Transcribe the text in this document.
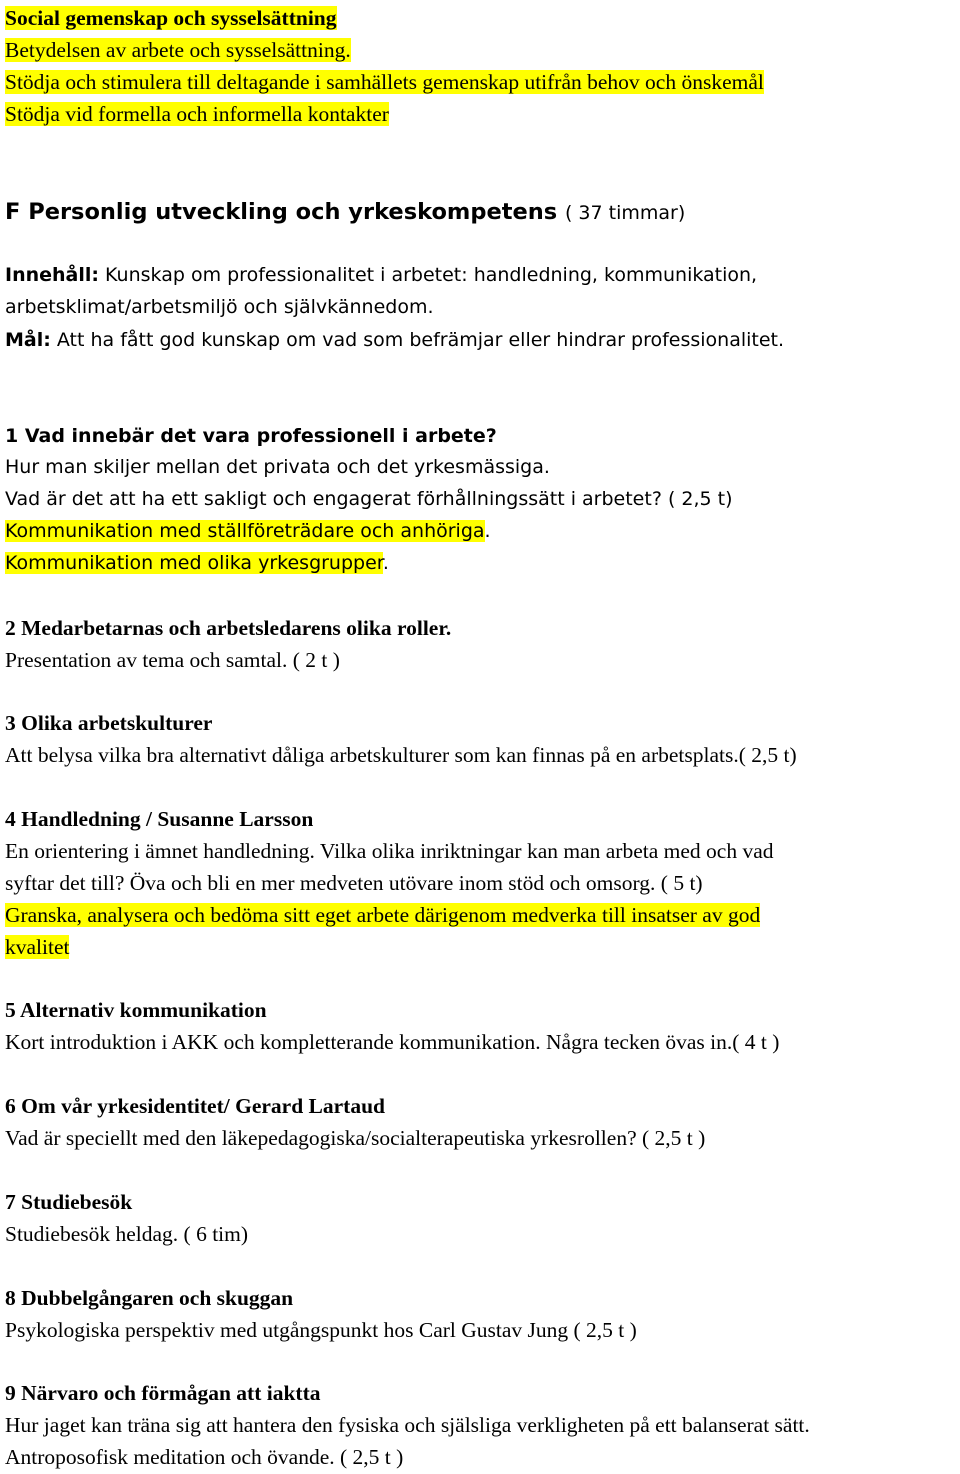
Social gemenskap och sysselsättning
Betydelsen av arbete och sysselsättning.
Stödja och stimulera till deltagande i samhällets gemenskap utifrån behov och önskemål
Stödja vid formella och informella kontakter
F Personlig utveckling och yrkeskompetens ( 37 timmar)
Innehåll: Kunskap om professionalitet i arbetet: handledning, kommunikation,
arbetsklimat/arbetsmiljö och självkännedom.
Mål: Att ha fått god kunskap om vad som befrämjar eller hindrar professionalitet.
1 Vad innebär det vara professionell i arbete?
Hur man skiljer mellan det privata och det yrkesmässiga.
Vad är det att ha ett sakligt och engagerat förhållningssätt i arbetet? ( 2,5 t)
Kommunikation med ställföreträdare och anhöriga.
Kommunikation med olika yrkesgrupper.
2 Medarbetarnas och arbetsledarens olika roller.
Presentation av tema och samtal. ( 2 t )
3 Olika arbetskulturer
Att belysa vilka bra alternativt dåliga arbetskulturer som kan finnas på en arbetsplats.( 2,5 t)
4 Handledning / Susanne Larsson
En orientering i ämnet handledning. Vilka olika inriktningar kan man arbeta med och vad
syftar det till? Öva och bli en mer medveten utövare inom stöd och omsorg. ( 5 t)
Granska, analysera och bedöma sitt eget arbete därigenom medverka till insatser av god
kvalitet
5 Alternativ kommunikation
Kort introduktion i AKK och kompletterande kommunikation. Några tecken övas in.( 4 t )
6 Om vår yrkesidentitet/ Gerard Lartaud
Vad är speciellt med den läkepedagogiska/socialterapeutiska yrkesrollen? ( 2,5 t )
7 Studiebesök
Studiebesök heldag. ( 6 tim)
8 Dubbelgångaren och skuggan
Psykologiska perspektiv med utgångspunkt hos Carl Gustav Jung ( 2,5 t )
9 Närvaro och förmågan att iaktta
Hur jaget kan träna sig att hantera den fysiska och själsliga verkligheten på ett balanserat sätt.
Antroposofisk meditation och övande. ( 2,5 t )
